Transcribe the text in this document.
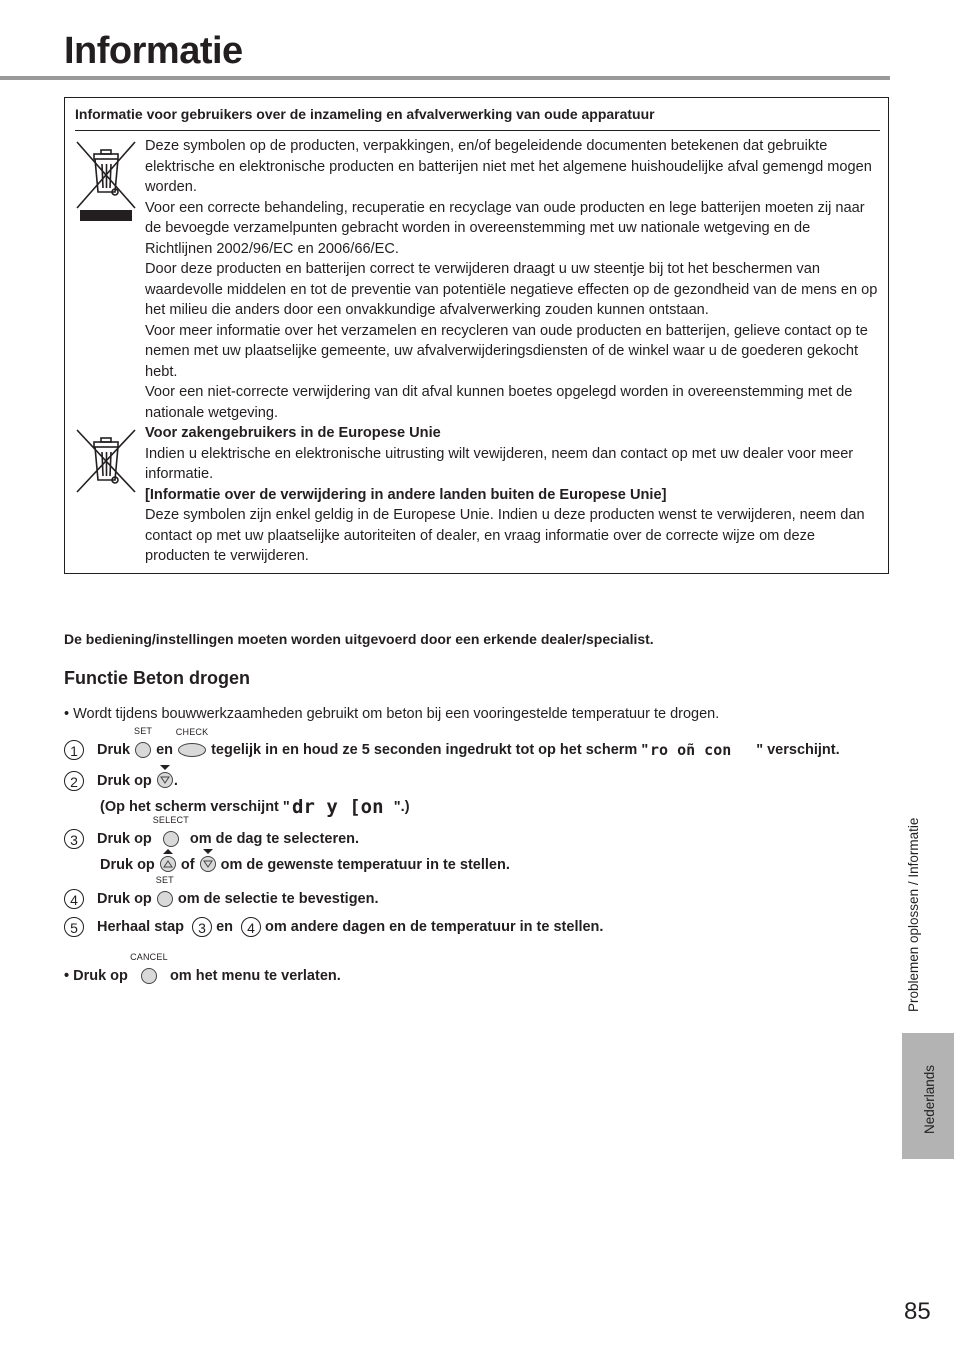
Informatie
Informatie voor gebruikers over de inzameling en afvalverwerking van oude apparatuur

Deze symbolen op de producten, verpakkingen, en/of begeleidende documenten betekenen dat gebruikte elektrische en elektronische producten en batterijen niet met het algemene huishoudelijke afval gemengd mogen worden.

Voor een correcte behandeling, recuperatie en recyclage van oude producten en lege batterijen moeten zij naar de bevoegde verzamelpunten gebracht worden in overeenstemming met uw nationale wetgeving en de Richtlijnen 2002/96/EC en 2006/66/EC.

Door deze producten en batterijen correct te verwijderen draagt u uw steentje bij tot het beschermen van waardevolle middelen en tot de preventie van potentiële negatieve effecten op de gezondheid van de mens en op het milieu die anders door een onvakkundige afvalverwerking zouden kunnen ontstaan.

Voor meer informatie over het verzamelen en recycleren van oude producten en batterijen, gelieve contact op te nemen met uw plaatselijke gemeente, uw afvalverwijderingsdiensten of de winkel waar u de goederen gekocht hebt.

Voor een niet-correcte verwijdering van dit afval kunnen boetes opgelegd worden in overeenstemming met de nationale wetgeving.

Voor zakengebruikers in de Europese Unie

Indien u elektrische en elektronische uitrusting wilt vewijderen, neem dan contact op met uw dealer voor meer informatie.

[Informatie over de verwijdering in andere landen buiten de Europese Unie]

Deze symbolen zijn enkel geldig in de Europese Unie. Indien u deze producten wenst te verwijderen, neem dan contact op met uw plaatselijke autoriteiten of dealer, en vraag informatie over de correcte wijze om deze producten te verwijderen.

De bediening/instellingen moeten worden uitgevoerd door een erkende dealer/specialist.
Functie Beton drogen
• Wordt tijdens bouwwerkzaamheden gebruikt om beton bij een vooringestelde temperatuur te drogen.
1 Druk
SET
en
CHECK
tegelijk in en houd ze 5 seconden ingedrukt tot op het scherm " ro oñ con " verschijnt.
2 Druk op .
(Op het scherm verschijnt " dr y [on ".)
3 Druk op
SELECT
om de dag te selecteren.
Druk op of om de gewenste temperatuur in te stellen.
4 Druk op
SET
om de selectie te bevestigen.
5 Herhaal stap 3 en 4 om andere dagen en de temperatuur in te stellen.
• Druk op
CANCEL
om het menu te verlaten.	Problemen oplossen / Informatie
Nederlands
85
